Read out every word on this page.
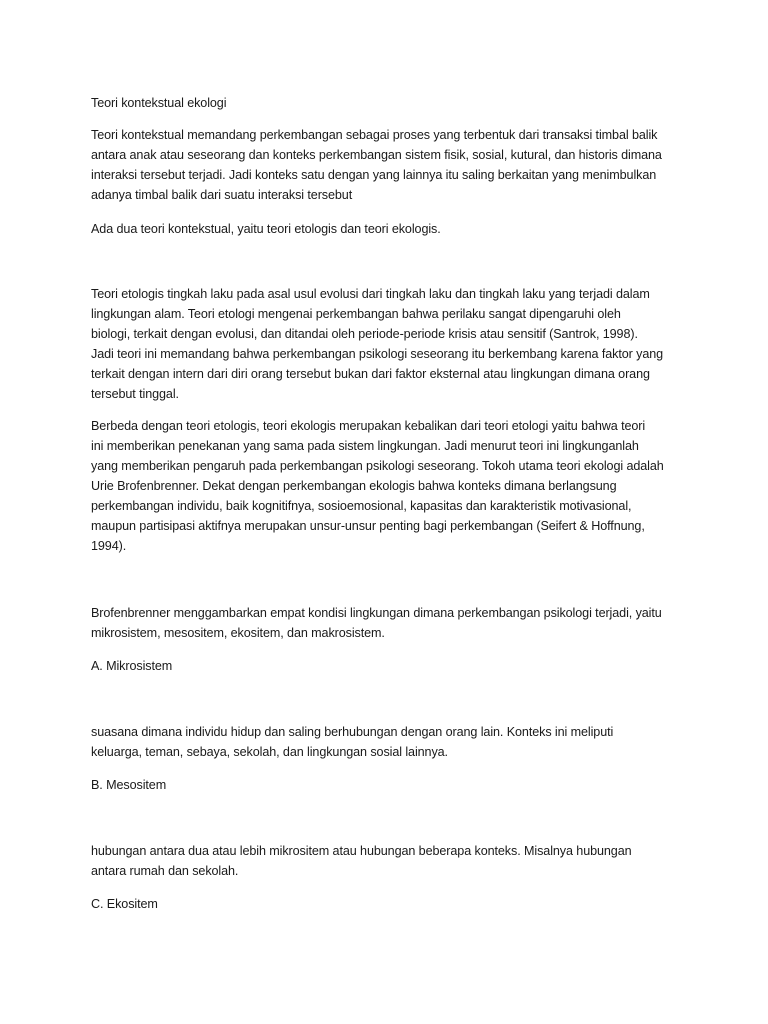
Teori kontekstual ekologi

Teori kontekstual memandang perkembangan sebagai proses yang terbentuk dari transaksi timbal balik
antara anak atau seseorang dan konteks perkembangan sistem fisik, sosial, kutural, dan historis dimana
interaksi tersebut terjadi. Jadi konteks satu dengan yang lainnya itu saling berkaitan yang menimbulkan
adanya timbal balik dari suatu interaksi tersebut

Ada dua teori kontekstual, yaitu teori etologis dan teori ekologis.

Teori etologis tingkah laku pada asal usul evolusi dari tingkah laku dan tingkah laku yang terjadi dalam
lingkungan alam. Teori etologi mengenai perkembangan bahwa perilaku sangat dipengaruhi oleh
biologi, terkait dengan evolusi, dan ditandai oleh periode-periode krisis atau sensitif (Santrok, 1998).
Jadi teori ini memandang bahwa perkembangan psikologi seseorang itu berkembang karena faktor yang
terkait dengan intern dari diri orang tersebut bukan dari faktor eksternal atau lingkungan dimana orang
tersebut tinggal.

Berbeda dengan teori etologis, teori ekologis merupakan kebalikan dari teori etologi yaitu bahwa teori
ini memberikan penekanan yang sama pada sistem lingkungan. Jadi menurut teori ini lingkunganlah
yang memberikan pengaruh pada perkembangan psikologi seseorang. Tokoh utama teori ekologi adalah
Urie Brofenbrenner. Dekat dengan perkembangan ekologis bahwa konteks dimana berlangsung
perkembangan individu, baik kognitifnya, sosioemosional, kapasitas dan karakteristik motivasional,
maupun partisipasi aktifnya merupakan unsur-unsur penting bagi perkembangan (Seifert & Hoffnung,
1994).

Brofenbrenner menggambarkan empat kondisi lingkungan dimana perkembangan psikologi terjadi, yaitu
mikrosistem, mesositem, ekositem, dan makrosistem.

A. Mikrosistem

suasana dimana individu hidup dan saling berhubungan dengan orang lain. Konteks ini meliputi
keluarga, teman, sebaya, sekolah, dan lingkungan sosial lainnya.

B. Mesositem

hubungan antara dua atau lebih mikrositem atau hubungan beberapa konteks. Misalnya hubungan
antara rumah dan sekolah.

C. Ekositem
